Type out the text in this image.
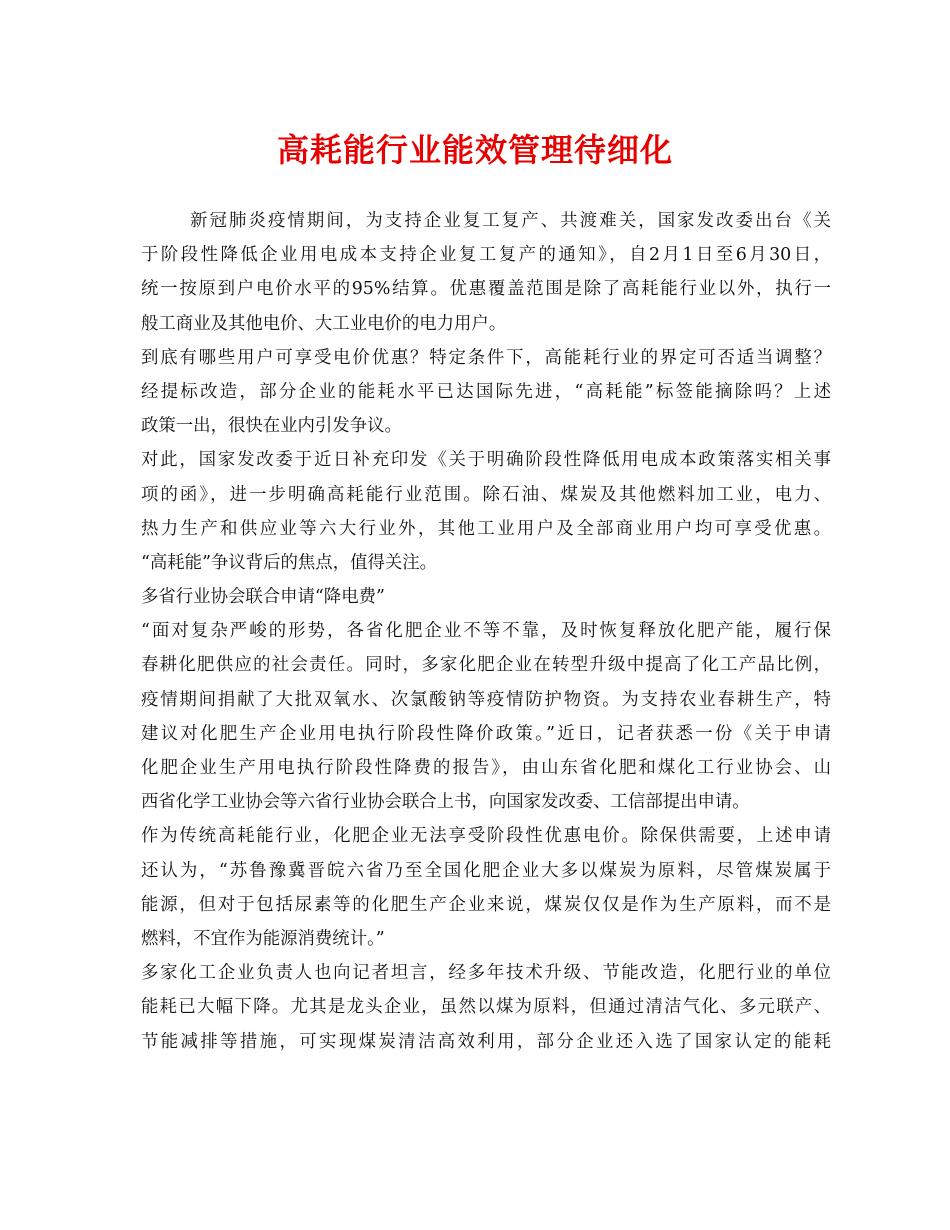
高耗能行业能效管理待细化
新冠肺炎疫情期间，为支持企业复工复产、共渡难关，国家发改委出台《关
于阶段性降低企业用电成本支持企业复工复产的通知》，自2月1日至6月30日，
统一按原到户电价水平的95%结算。优惠覆盖范围是除了高耗能行业以外，执行一
般工商业及其他电价、大工业电价的电力用户。
到底有哪些用户可享受电价优惠？特定条件下，高能耗行业的界定可否适当调整？
经提标改造，部分企业的能耗水平已达国际先进，“高耗能”标签能摘除吗？上述
政策一出，很快在业内引发争议。
对此，国家发改委于近日补充印发《关于明确阶段性降低用电成本政策落实相关事
项的函》，进一步明确高耗能行业范围。除石油、煤炭及其他燃料加工业，电力、
热力生产和供应业等六大行业外，其他工业用户及全部商业用户均可享受优惠。
“高耗能”争议背后的焦点，值得关注。
多省行业协会联合申请“降电费”
“面对复杂严峻的形势，各省化肥企业不等不靠，及时恢复释放化肥产能，履行保
春耕化肥供应的社会责任。同时，多家化肥企业在转型升级中提高了化工产品比例，
疫情期间捐献了大批双氧水、次氯酸钠等疫情防护物资。为支持农业春耕生产，特
建议对化肥生产企业用电执行阶段性降价政策。”近日，记者获悉一份《关于申请
化肥企业生产用电执行阶段性降费的报告》，由山东省化肥和煤化工行业协会、山
西省化学工业协会等六省行业协会联合上书，向国家发改委、工信部提出申请。
作为传统高耗能行业，化肥企业无法享受阶段性优惠电价。除保供需要，上述申请
还认为，“苏鲁豫冀晋皖六省乃至全国化肥企业大多以煤炭为原料，尽管煤炭属于
能源，但对于包括尿素等的化肥生产企业来说，煤炭仅仅是作为生产原料，而不是
燃料，不宜作为能源消费统计。”
多家化工企业负责人也向记者坦言，经多年技术升级、节能改造，化肥行业的单位
能耗已大幅下降。尤其是龙头企业，虽然以煤为原料，但通过清洁气化、多元联产、
节能减排等措施，可实现煤炭清洁高效利用，部分企业还入选了国家认定的能耗
